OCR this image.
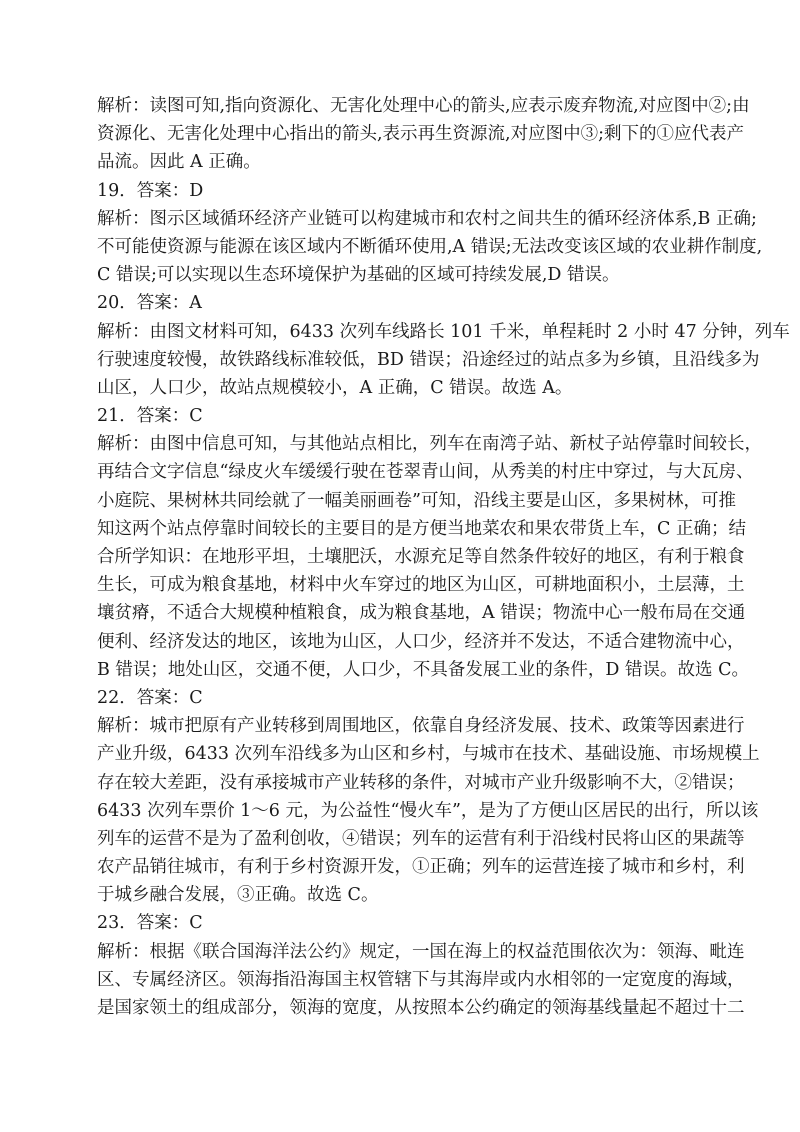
解析：读图可知,指向资源化、无害化处理中心的箭头,应表示废弃物流,对应图中②;由
资源化、无害化处理中心指出的箭头,表示再生资源流,对应图中③;剩下的①应代表产
品流。因此 A 正确。
19．答案：D
解析：图示区域循环经济产业链可以构建城市和农村之间共生的循环经济体系,B 正确;
不可能使资源与能源在该区域内不断循环使用,A 错误;无法改变该区域的农业耕作制度,
C 错误;可以实现以生态环境保护为基础的区域可持续发展,D 错误。
20．答案：A
解析：由图文材料可知，6433 次列车线路长 101 千米，单程耗时 2 小时 47 分钟，列车
行驶速度较慢，故铁路线标准较低，BD 错误；沿途经过的站点多为乡镇，且沿线多为
山区，人口少，故站点规模较小，A 正确，C 错误。故选 A。
21．答案：C
解析：由图中信息可知，与其他站点相比，列车在南湾子站、新杖子站停靠时间较长，
再结合文字信息“绿皮火车缓缓行驶在苍翠青山间，从秀美的村庄中穿过，与大瓦房、
小庭院、果树林共同绘就了一幅美丽画卷”可知，沿线主要是山区，多果树林，可推
知这两个站点停靠时间较长的主要目的是方便当地菜农和果农带货上车，C 正确；结
合所学知识：在地形平坦，土壤肥沃，水源充足等自然条件较好的地区，有利于粮食
生长，可成为粮食基地，材料中火车穿过的地区为山区，可耕地面积小，土层薄，土
壤贫瘠，不适合大规模种植粮食，成为粮食基地，A 错误；物流中心一般布局在交通
便利、经济发达的地区，该地为山区，人口少，经济并不发达，不适合建物流中心，
B 错误；地处山区，交通不便，人口少，不具备发展工业的条件，D 错误。故选 C。
22．答案：C
解析：城市把原有产业转移到周围地区，依靠自身经济发展、技术、政策等因素进行
产业升级，6433 次列车沿线多为山区和乡村，与城市在技术、基础设施、市场规模上
存在较大差距，没有承接城市产业转移的条件，对城市产业升级影响不大，②错误；
6433 次列车票价 1～6 元，为公益性“慢火车”，是为了方便山区居民的出行，所以该
列车的运营不是为了盈利创收，④错误；列车的运营有利于沿线村民将山区的果蔬等
农产品销往城市，有利于乡村资源开发，①正确；列车的运营连接了城市和乡村，利
于城乡融合发展，③正确。故选 C。
23．答案：C
解析：根据《联合国海洋法公约》规定，一国在海上的权益范围依次为：领海、毗连
区、专属经济区。领海指沿海国主权管辖下与其海岸或内水相邻的一定宽度的海域，
是国家领土的组成部分，领海的宽度，从按照本公约确定的领海基线量起不超过十二
